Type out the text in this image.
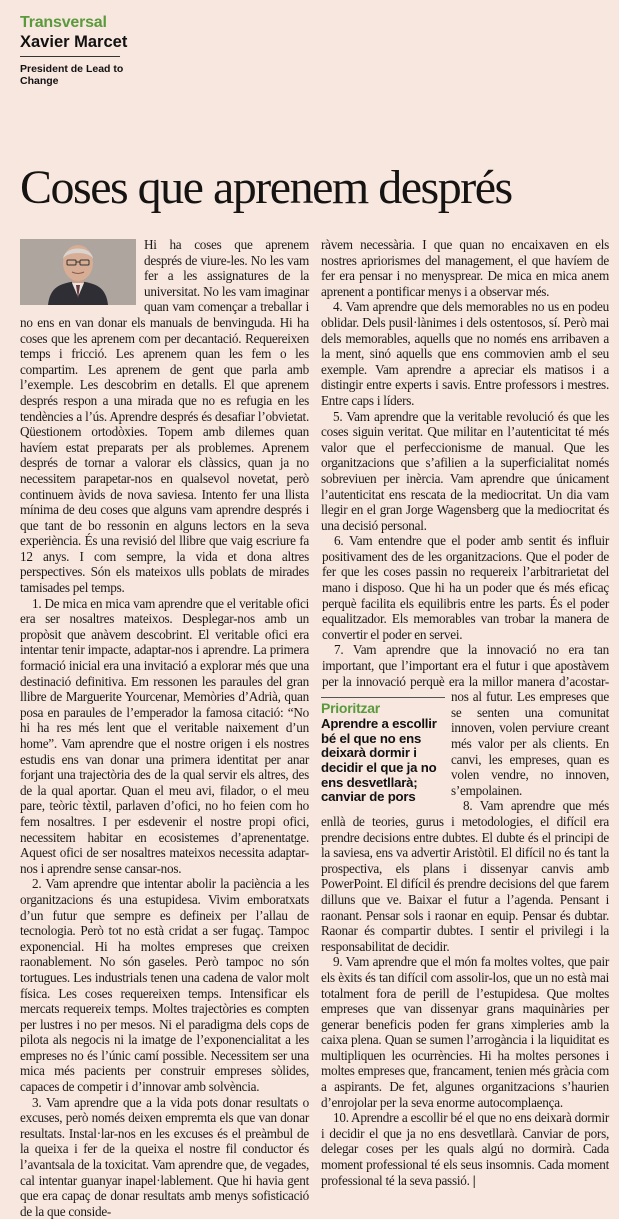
Transversal
Xavier Marcet
President de Lead to Change
Coses que aprenem després

Hi ha coses que aprenem després de viure-les. No les vam fer a les assignatures de la universitat. No les vam imaginar quan vam començar a treballar i no ens en van donar els manuals de benvinguda. Hi ha coses que les aprenem com per decantació. Requereixen temps i fricció. Les aprenem quan les fem o les compartim. Les aprenem de gent que parla amb l’exemple. Les descobrim en detalls. El que aprenem després respon a una mirada que no es refugia en les tendències a l’ús. Aprendre després és desafiar l’obvietat. Qüestionem ortodòxies. Topem amb dilemes quan havíem estat preparats per als problemes. Aprenem després de tornar a valorar els clàssics, quan ja no necessitem parapetar-nos en qualsevol novetat, però continuem àvids de nova saviesa. Intento fer una llista mínima de deu coses que alguns vam aprendre després i que tant de bo ressonin en alguns lectors en la seva experiència. És una revisió del llibre que vaig escriure fa 12 anys. I com sempre, la vida et dona altres perspectives. Són els mateixos ulls poblats de mirades tamisades pel temps.

1. De mica en mica vam aprendre que el veritable ofici era ser nosaltres mateixos. Desplegar-nos amb un propòsit que anàvem descobrint. El veritable ofici era intentar tenir impacte, adaptar-nos i aprendre. La primera formació inicial era una invitació a explorar més que una destinació definitiva. Em ressonen les paraules del gran llibre de Marguerite Yourcenar, Memòries d’Adrià, quan posa en paraules de l’emperador la famosa citació: “No hi ha res més lent que el veritable naixement d’un home”. Vam aprendre que el nostre origen i els nostres estudis ens van donar una primera identitat per anar forjant una trajectòria des de la qual servir els altres, des de la qual aportar. Quan el meu avi, filador, o el meu pare, teòric tèxtil, parlaven d’ofici, no ho feien com ho fem nosaltres. I per esdevenir el nostre propi ofici, necessitem habitar en ecosistemes d’aprenentatge. Aquest ofici de ser nosaltres mateixos necessita adaptar-nos i aprendre sense cansar-nos.

2. Vam aprendre que intentar abolir la paciència a les organitzacions és una estupidesa. Vivim emboratxats d’un futur que sempre es defineix per l’allau de tecnologia. Però tot no està cridat a ser fugaç. Tampoc exponencial. Hi ha moltes empreses que creixen raonablement. No són gaseles. Però tampoc no són tortugues. Les industrials tenen una cadena de valor molt física. Les coses requereixen temps. Intensificar els mercats requereix temps. Moltes trajectòries es compten per lustres i no per mesos. Ni el paradigma dels cops de pilota als negocis ni la imatge de l’exponencialitat a les empreses no és l’únic camí possible. Necessitem ser una mica més pacients per construir empreses sòlides, capaces de competir i d’innovar amb solvència.

3. Vam aprendre que a la vida pots donar resultats o excuses, però només deixen empremta els que van donar resultats. Instal·lar-nos en les excuses és el preàmbul de la queixa i fer de la queixa el nostre fil conductor és l’avantsala de la toxicitat. Vam aprendre que, de vegades, cal intentar guanyar inapel·lablement. Que hi havia gent que era capaç de donar resultats amb menys sofisticació de la que conside-

ràvem necessària. I que quan no encaixaven en els nostres apriorismes del management, el que havíem de fer era pensar i no menysprear. De mica en mica anem aprenent a pontificar menys i a observar més.

4. Vam aprendre que dels memorables no us en podeu oblidar. Dels pusil·lànimes i dels ostentosos, sí. Però mai dels memorables, aquells que no només ens arribaven a la ment, sinó aquells que ens commovien amb el seu exemple. Vam aprendre a apreciar els matisos i a distingir entre experts i savis. Entre professors i mestres. Entre caps i líders.

5. Vam aprendre que la veritable revolució és que les coses siguin veritat. Que militar en l’autenticitat té més valor que el perfeccionisme de manual. Que les organitzacions que s’afilien a la superficialitat només sobreviuen per inèrcia. Vam aprendre que únicament l’autenticitat ens rescata de la mediocritat. Un dia vam llegir en el gran Jorge Wagensberg que la mediocritat és una decisió personal.

Prioritzar
Aprendre a escollir bé el que no ens deixarà dormir i decidir el que ja no ens desvetllarà; canviar de pors

6. Vam entendre que el poder amb sentit és influir positivament des de les organitzacions. Que el poder de fer que les coses passin no requereix l’arbitrarietat del mano i disposo. Que hi ha un poder que és més eficaç perquè facilita els equilibris entre les parts. És el poder equalitzador. Els memorables van trobar la manera de convertir el poder en servei.

7. Vam aprendre que la innovació no era tan important, que l’important era el futur i que apostàvem per la innovació perquè era la millor manera d’acostar-nos al futur. Les empreses que se senten una comunitat innoven, volen perviure creant més valor per als clients. En canvi, les empreses, quan es volen vendre, no innoven, s’empolainen.

8. Vam aprendre que més enllà de teories, gurus i metodologies, el difícil era prendre decisions entre dubtes. El dubte és el principi de la saviesa, ens va advertir Aristòtil. El difícil no és tant la prospectiva, els plans i dissenyar canvis amb PowerPoint. El difícil és prendre decisions del que farem dilluns que ve. Baixar el futur a l’agenda. Pensant i raonant. Pensar sols i raonar en equip. Pensar és dubtar. Raonar és compartir dubtes. I sentir el privilegi i la responsabilitat de decidir.

9. Vam aprendre que el món fa moltes voltes, que pair els èxits és tan difícil com assolir-los, que un no està mai totalment fora de perill de l’estupidesa. Que moltes empreses que van dissenyar grans maquinàries per generar beneficis poden fer grans ximpleries amb la caixa plena. Quan se sumen l’arrogància i la liquiditat es multipliquen les ocurrències. Hi ha moltes persones i moltes empreses que, francament, tenien més gràcia com a aspirants. De fet, algunes organitzacions s’haurien d’enrojolar per la seva enorme autocomplaença.

10. Aprendre a escollir bé el que no ens deixarà dormir i decidir el que ja no ens desvetllarà. Canviar de pors, delegar coses per les quals algú no dormirà. Cada moment professional té els seus insomnis. Cada moment professional té la seva passió. |
